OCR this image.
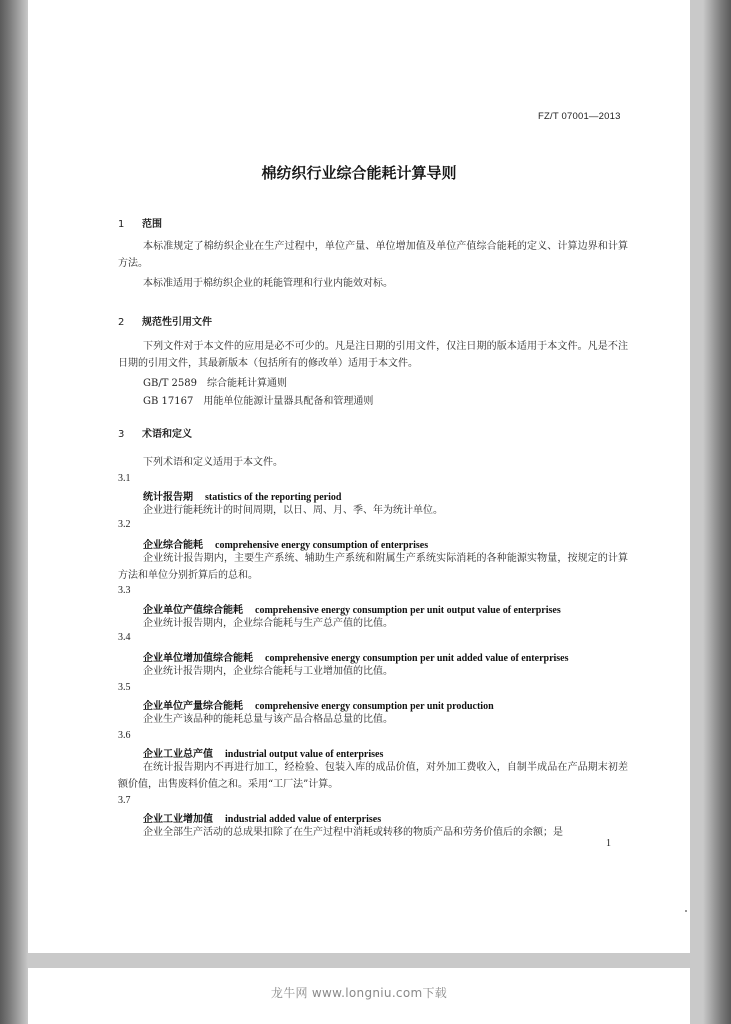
FZ/T 07001—2013
棉纺织行业综合能耗计算导则
1 范围
本标准规定了棉纺织企业在生产过程中，单位产量、单位增加值及单位产值综合能耗的定义、计算边界和计算方法。
本标准适用于棉纺织企业的耗能管理和行业内能效对标。
2 规范性引用文件
下列文件对于本文件的应用是必不可少的。凡是注日期的引用文件，仅注日期的版本适用于本文件。凡是不注日期的引用文件，其最新版本（包括所有的修改单）适用于本文件。
GB/T 2589　综合能耗计算通则
GB 17167　用能单位能源计量器具配备和管理通则
3 术语和定义
下列术语和定义适用于本文件。
3.1
统计报告期 statistics of the reporting period
企业进行能耗统计的时间周期，以日、周、月、季、年为统计单位。
3.2
企业综合能耗 comprehensive energy consumption of enterprises
企业统计报告期内，主要生产系统、辅助生产系统和附属生产系统实际消耗的各种能源实物量，按规定的计算方法和单位分别折算后的总和。
3.3
企业单位产值综合能耗 comprehensive energy consumption per unit output value of enterprises
企业统计报告期内，企业综合能耗与生产总产值的比值。
3.4
企业单位增加值综合能耗 comprehensive energy consumption per unit added value of enterprises
企业统计报告期内，企业综合能耗与工业增加值的比值。
3.5
企业单位产量综合能耗 comprehensive energy consumption per unit production
企业生产该品种的能耗总量与该产品合格品总量的比值。
3.6
企业工业总产值 industrial output value of enterprises
在统计报告期内不再进行加工，经检验、包装入库的成品价值，对外加工费收入，自制半成品在产品期末初差额价值，出售废料价值之和。采用“工厂法”计算。
3.7
企业工业增加值 industrial added value of enterprises
企业全部生产活动的总成果扣除了在生产过程中消耗或转移的物质产品和劳务价值后的余额；是
1
龙牛网 www.longniu.com下载
